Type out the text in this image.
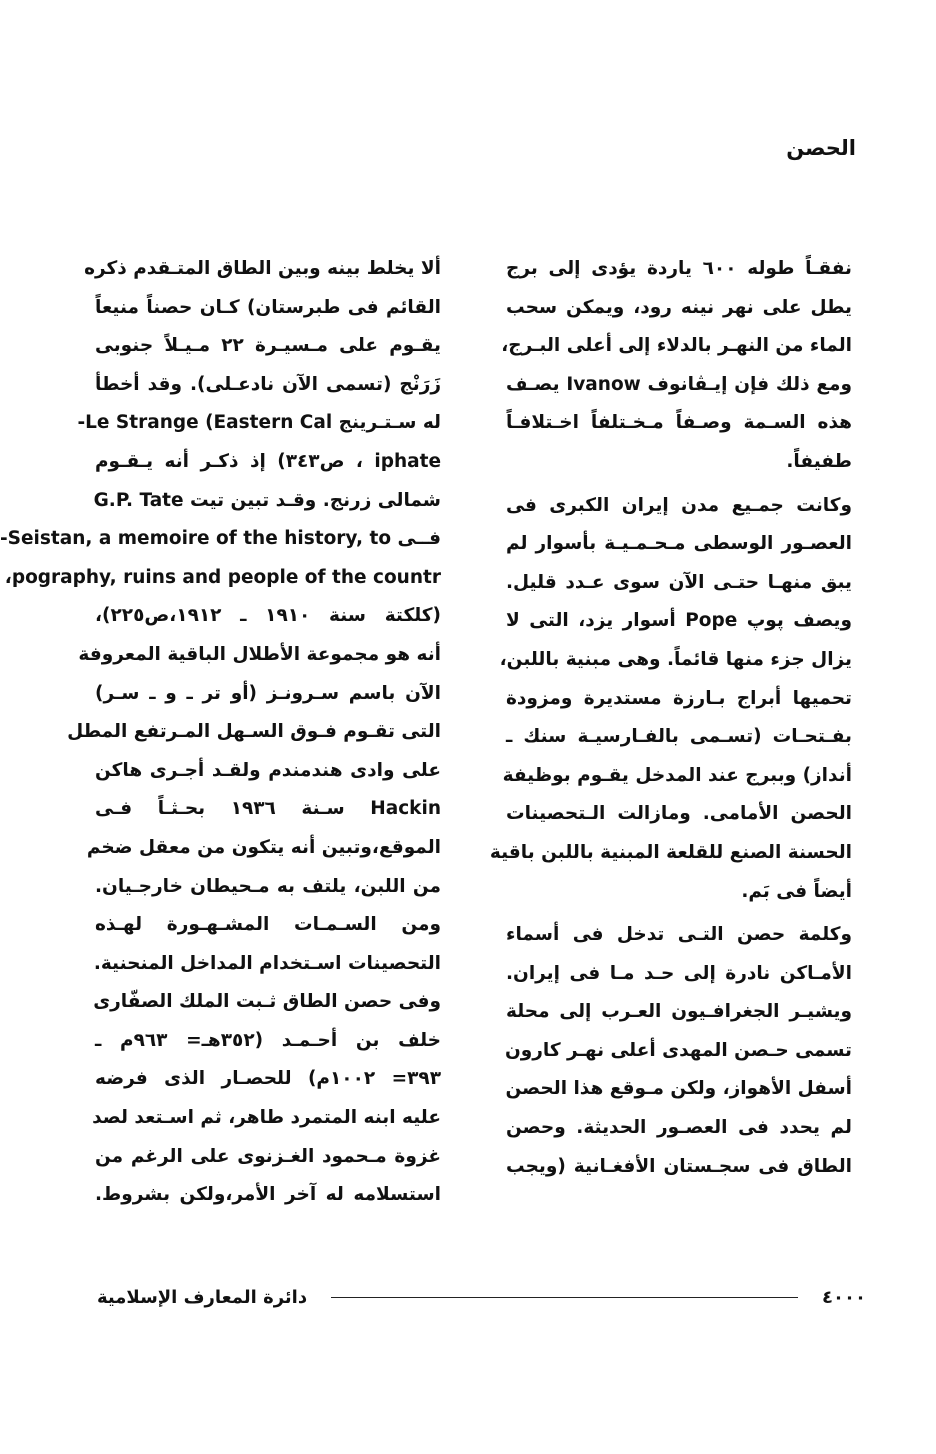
الحصن
نفقـاً طوله ٦٠٠ ياردة يؤدى إلى برج
يطل على نهر نينه رود، ويمكن سحب
الماء من النهـر بالدلاء إلى أعلى البـرج،
ومع ذلك فإن إيـڤانوف Ivanow يصـف
هذه السـمة وصـفاً مـخـتلفاً اخـتلافـاً
طفيفاً.
وكانت جمـيع مدن إيران الكبرى فى
العصـور الوسطى مـحـمـيـة بأسوار لم
يبق منهـا حتـى الآن سوى عـدد قليل.
ويصف پوپ Pope أسوار يزد، التى لا
يزال جزء منها قائماً. وهى مبنية باللبن،
تحميها أبراج بـارزة مستديرة ومزودة
بفـتحـات (تسـمى بالفـارسيـة سنك ـ
أنداز) وببرج عند المدخل يقـوم بوظيفة
الحصن الأمامى. ومازالت الـتحصينات
الحسنة الصنع للقلعة المبنية باللبن باقية
أيضاً فى بَم.
وكلمة حصن التـى تدخل فى أسماء
الأمـاكن نادرة إلى حـد مـا فى إيران.
ويشيـر الجغرافـيون العـرب إلى محلة
تسمى حـصن المهدى أعلى نهـر كارون
أسفل الأهواز، ولكن مـوقع هذا الحصن
لم يحدد فى العصـور الحديثة. وحصن
الطاق فى سجـستان الأفغـانية (ويجب
ألا يخلط بينه وبين الطاق المتـقدم ذكره
القائم فى طبرستان) كـان حصناً منيعاً
يقـوم على مـسيـرة ٢٢ مـيـلاً جنوبى
زَرَنْج (تسمى الآن نادعـلى). وقد أخطأ
له سـتـرينج Le Strange (Eastern Cal-
iphate ، ص٣٤٣) إذ ذكـر أنه يـقـوم
شمالى زرنج. وقـد تبين تيت G.P. Tate
فــى Seistan, a memoire of the history, to-
pography, ruins and people of the countr،
(كلكتة سنة ١٩١٠ ـ ١٩١٢،ص٢٢٥)،
أنه هو مجموعة الأطلال الباقية المعروفة
الآن باسم سـرونـز (أو تر ـ و ـ سـر)
التى تقـوم فـوق السـهل المـرتفع المطل
على وادى هندمندم ولقـد أجـرى هاكن
Hackin سـنة ١٩٣٦ بحـثـاً فـى
الموقع،وتبين أنه يتكون من معقل ضخم
من اللبن، يلتف به مـحيطان خارجـيان.
ومن السـمـات المشـهـورة لهـذه
التحصينات اسـتخدام المداخل المنحنية.
وفى حصن الطاق ثـبت الملك الصفّارى
خلف بن أحـمـد (٣٥٢هـ= ٩٦٣م ـ
٣٩٣= ١٠٠٢م) للحصـار الذى فرضه
عليه ابنه المتمرد طاهر، ثم اسـتعد لصد
غزوة مـحمود الغـزنوى على الرغم من
استسلامه له آخر الأمر،ولكن بشروط.
٤٠٠٠
دائرة المعارف الإسلامية
